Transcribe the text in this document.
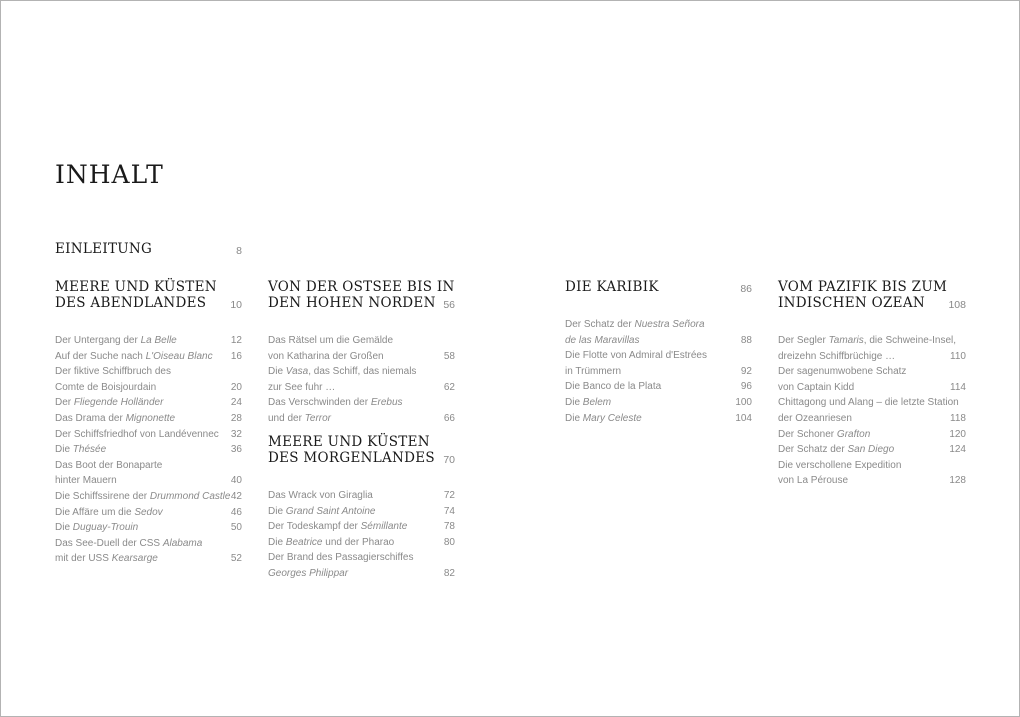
INHALT
EINLEITUNG	8
MEERE UND KÜSTEN
DES ABENDLANDES	10
Der Untergang der La Belle	12
Auf der Suche nach L'Oiseau Blanc	16
Der fiktive Schiffbruch des
Comte de Boisjourdain	20
Der Fliegende Holländer	24
Das Drama der Mignonette	28
Der Schiffsfriedhof von Landévennec	32
Die Thésée	36
Das Boot der Bonaparte
hinter Mauern	40
Die Schiffssirene der Drummond Castle 42
Die Affäre um die Sedov	46
Die Duguay-Trouin	50
Das See-Duell der CSS Alabama
mit der USS Kearsarge	52
VON DER OSTSEE BIS IN
DEN HOHEN NORDEN 56
Das Rätsel um die Gemälde
von Katharina der Großen	58
Die Vasa, das Schiff, das niemals
zur See fuhr …	62
Das Verschwinden der Erebus
und der Terror	66
MEERE UND KÜSTEN
DES MORGENLANDES 70
Das Wrack von Giraglia	72
Die Grand Saint Antoine	74
Der Todeskampf der Sémillante	78
Die Beatrice und der Pharao	80
Der Brand des Passagierschiffes
Georges Philippar	82
DIE KARIBIK	86
Der Schatz der Nuestra Señora
de las Maravillas	88
Die Flotte von Admiral d'Estrées
in Trümmern	92
Die Banco de la Plata	96
Die Belem	100
Die Mary Celeste	104
VOM PAZIFIK BIS ZUM
INDISCHEN OZEAN	108
Der Segler Tamaris, die Schweine-Insel,
dreizehn Schiffbrüchige …	110
Der sagenumwobene Schatz
von Captain Kidd	114
Chittagong und Alang – die letzte Station
der Ozeanriesen	118
Der Schoner Grafton	120
Der Schatz der San Diego	124
Die verschollene Expedition
von La Pérouse	128
